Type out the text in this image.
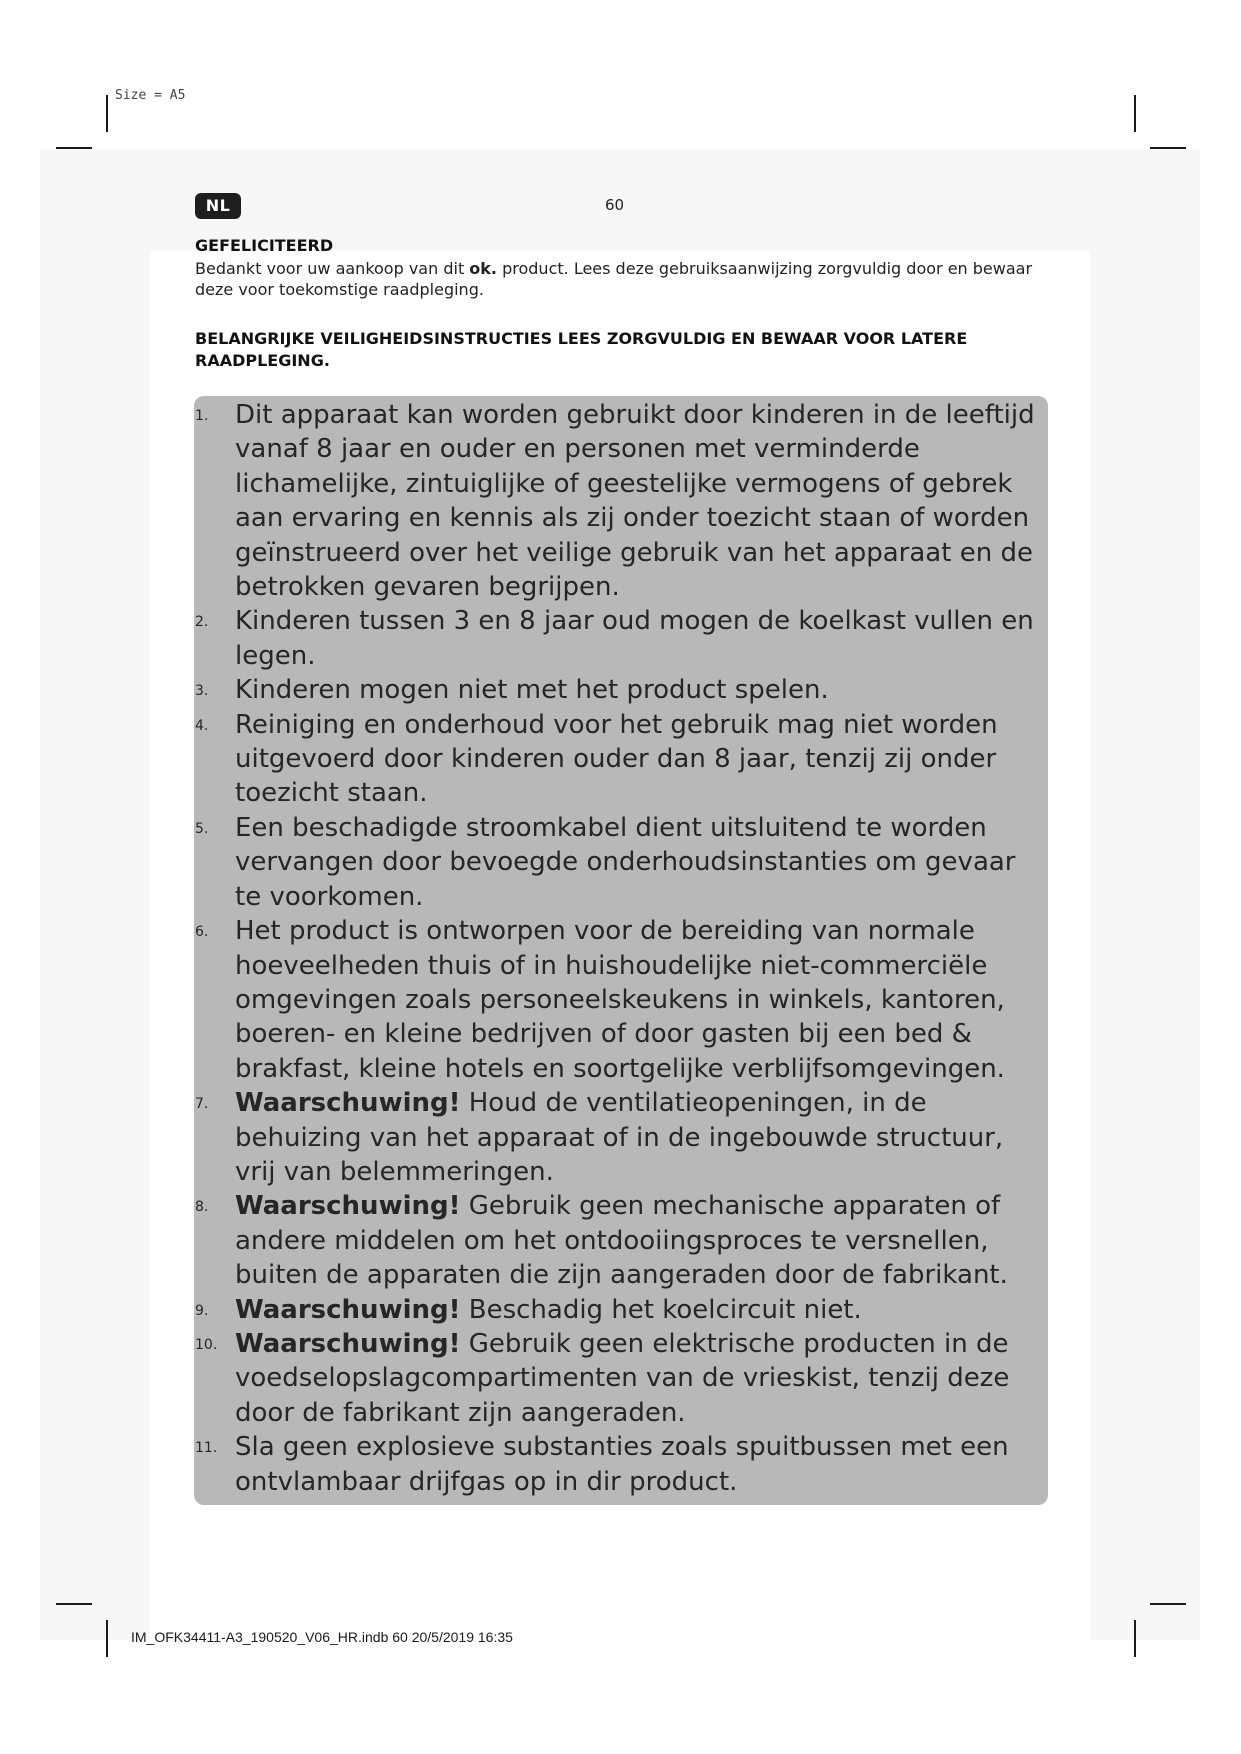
Size = A5
NL	60
GEFELICITEERD
Bedankt voor uw aankoop van dit ok. product. Lees deze gebruiksaanwijzing zorgvuldig door en bewaar deze voor toekomstige raadpleging.
BELANGRIJKE VEILIGHEIDSINSTRUCTIES LEES ZORGVULDIG EN BEWAAR VOOR LATERE RAADPLEGING.
1. Dit apparaat kan worden gebruikt door kinderen in de leeftijd vanaf 8 jaar en ouder en personen met verminderde lichamelijke, zintuiglijke of geestelijke vermogens of gebrek aan ervaring en kennis als zij onder toezicht staan of worden geïnstrueerd over het veilige gebruik van het apparaat en de betrokken gevaren begrijpen.
2. Kinderen tussen 3 en 8 jaar oud mogen de koelkast vullen en legen.
3. Kinderen mogen niet met het product spelen.
4. Reiniging en onderhoud voor het gebruik mag niet worden uitgevoerd door kinderen ouder dan 8 jaar, tenzij zij onder toezicht staan.
5. Een beschadigde stroomkabel dient uitsluitend te worden vervangen door bevoegde onderhoudsinstanties om gevaar te voorkomen.
6. Het product is ontworpen voor de bereiding van normale hoeveelheden thuis of in huishoudelijke niet-commerciële omgevingen zoals personeelskeukens in winkels, kantoren, boeren- en kleine bedrijven of door gasten bij een bed & brakfast, kleine hotels en soortgelijke verblijfsomgevingen.
7. Waarschuwing! Houd de ventilatieopeningen, in de behuizing van het apparaat of in de ingebouwde structuur, vrij van belemmeringen.
8. Waarschuwing! Gebruik geen mechanische apparaten of andere middelen om het ontdooiingsproces te versnellen, buiten de apparaten die zijn aangeraden door de fabrikant.
9. Waarschuwing! Beschadig het koelcircuit niet.
10. Waarschuwing! Gebruik geen elektrische producten in de voedselopslagcompartimenten van de vrieskist, tenzij deze door de fabrikant zijn aangeraden.
11. Sla geen explosieve substanties zoals spuitbussen met een ontvlambaar drijfgas op in dir product.
IM_OFK34411-A3_190520_V06_HR.indb 60 20/5/2019 16:35
